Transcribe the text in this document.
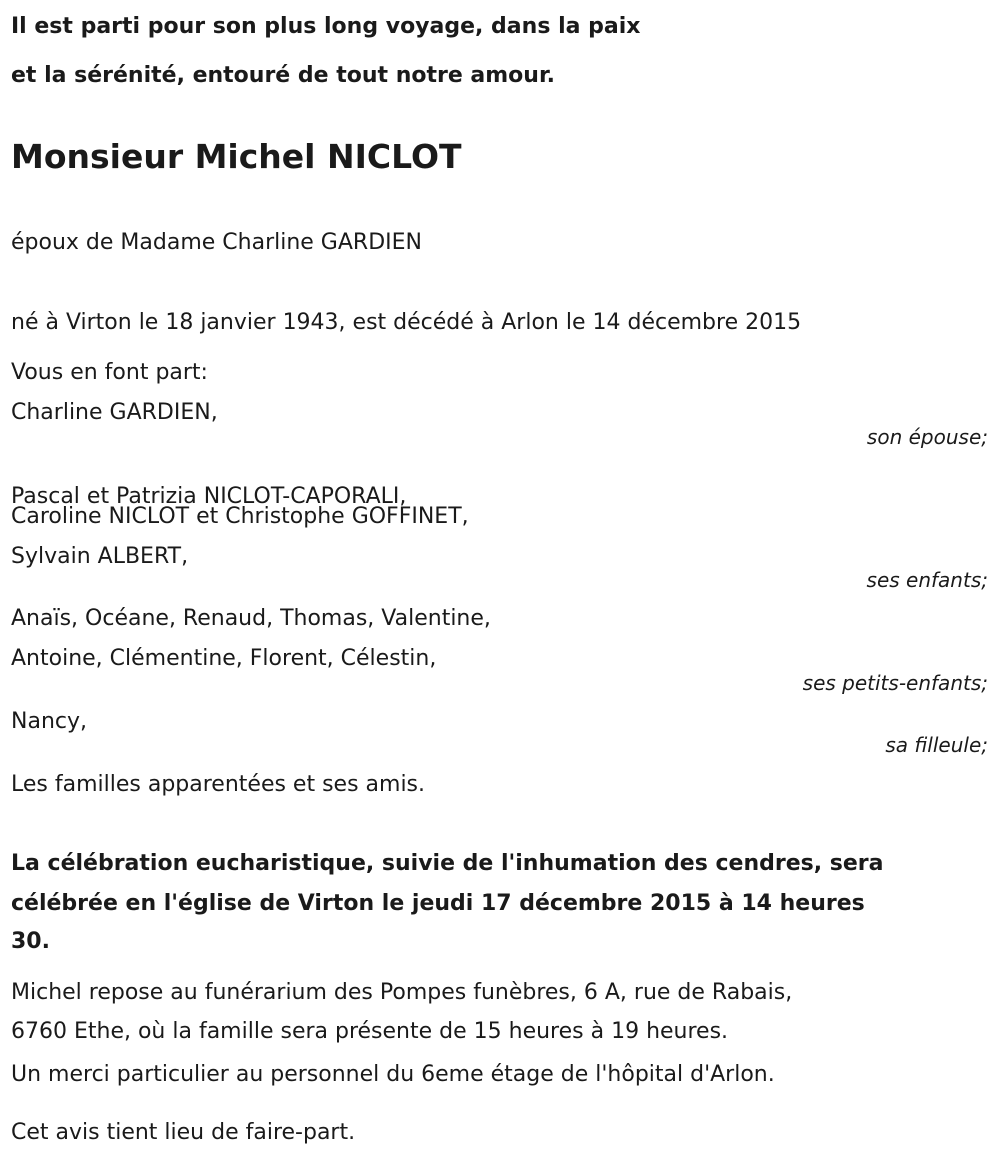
Il est parti pour son plus long voyage, dans la paix
et la sérénité, entouré de tout notre amour.
Monsieur Michel NICLOT
époux de Madame Charline GARDIEN
né à Virton le 18 janvier 1943, est décédé à Arlon le 14 décembre 2015
Vous en font part:
Charline GARDIEN,
son épouse;
Pascal et Patrizia NICLOT-CAPORALI,
Caroline NICLOT et Christophe GOFFINET,
Sylvain ALBERT,
ses enfants;
Anaïs, Océane, Renaud, Thomas, Valentine,
Antoine, Clémentine, Florent, Célestin,
ses petits-enfants;
Nancy,
sa filleule;
Les familles apparentées et ses amis.
La célébration eucharistique, suivie de l'inhumation des cendres, sera
célébrée en l'église de Virton le jeudi 17 décembre 2015 à 14 heures
30.
Michel repose au funérarium des Pompes funèbres, 6 A, rue de Rabais,
6760 Ethe, où la famille sera présente de 15 heures à 19 heures.
Un merci particulier au personnel du 6eme étage de l'hôpital d'Arlon.
Cet avis tient lieu de faire-part.
